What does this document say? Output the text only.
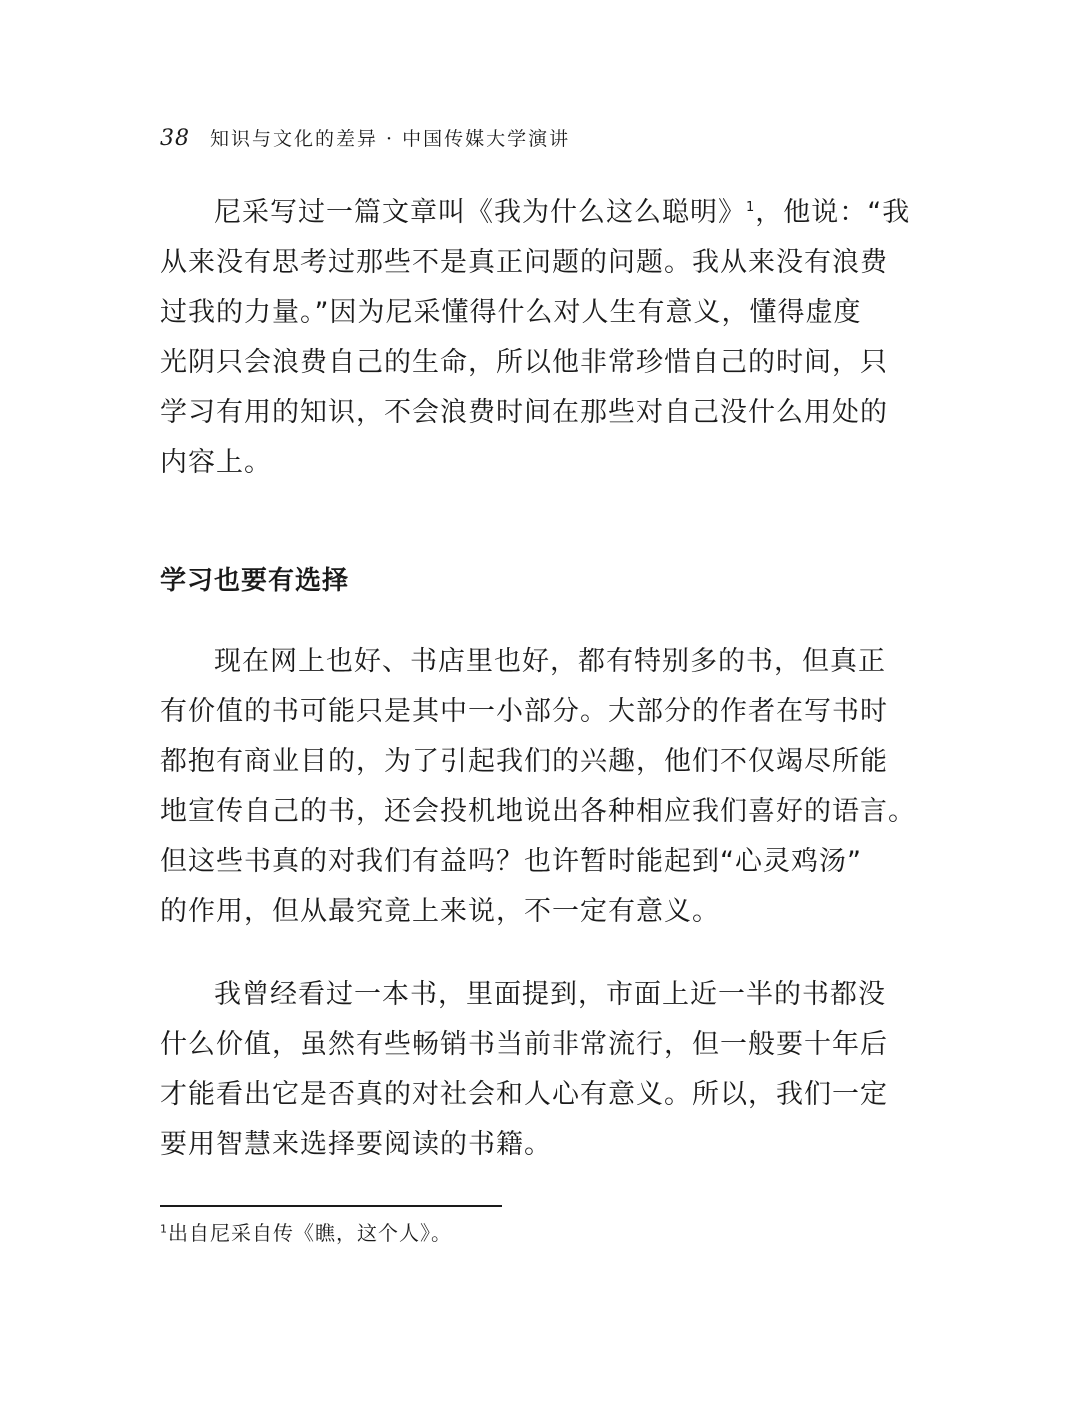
38 知识与文化的差异 · 中国传媒大学演讲

尼采写过一篇文章叫《我为什么这么聪明》$^1$，他说：“我
从来没有思考过那些不是真正问题的问题。我从来没有浪费
过我的力量。”因为尼采懂得什么对人生有意义，懂得虚度
光阴只会浪费自己的生命，所以他非常珍惜自己的时间，只
学习有用的知识，不会浪费时间在那些对自己没什么用处的
内容上。

学习也要有选择

现在网上也好、书店里也好，都有特别多的书，但真正
有价值的书可能只是其中一小部分。大部分的作者在写书时
都抱有商业目的，为了引起我们的兴趣，他们不仅竭尽所能
地宣传自己的书，还会投机地说出各种相应我们喜好的语言。
但这些书真的对我们有益吗？也许暂时能起到“心灵鸡汤”
的作用，但从最究竟上来说，不一定有意义。

我曾经看过一本书，里面提到，市面上近一半的书都没
什么价值，虽然有些畅销书当前非常流行，但一般要十年后
才能看出它是否真的对社会和人心有意义。所以，我们一定
要用智慧来选择要阅读的书籍。

$^1$出自尼采自传《瞧，这个人》。
